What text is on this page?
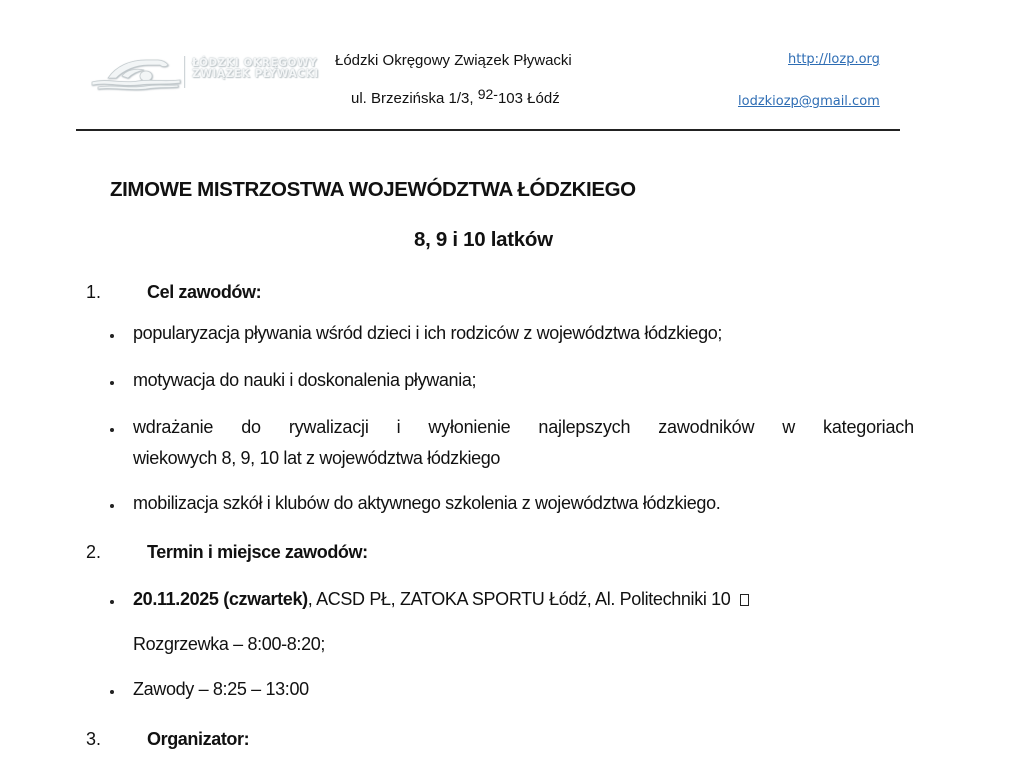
ŁÓDZKI OKRĘGOWY
ZWIĄZEK PŁYWACKI
Łódzki Okręgowy Związek Pływacki
ul. Brzezińska 1/3, 92-103 Łódź
http://lozp.org
lodzkiozp@gmail.com
ZIMOWE MISTRZOSTWA WOJEWÓDZTWA ŁÓDZKIEGO
8, 9 i 10 latków
1.	Cel zawodów:
popularyzacja pływania wśród dzieci i ich rodziców z województwa łódzkiego;
motywacja do nauki i doskonalenia pływania;
wdrażanie do rywalizacji i wyłonienie najlepszych zawodników w kategoriach
wiekowych 8, 9, 10 lat z województwa łódzkiego
mobilizacja szkół i klubów do aktywnego szkolenia z województwa łódzkiego.
2.	Termin i miejsce zawodów:
20.11.2025 (czwartek), ACSD PŁ, ZATOKA SPORTU Łódź, Al. Politechniki 10
Rozgrzewka – 8:00-8:20;
Zawody – 8:25 – 13:00
3.	Organizator:
